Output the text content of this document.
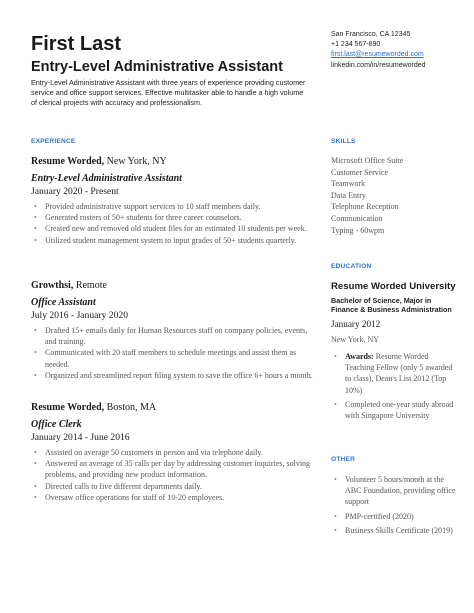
First Last
Entry-Level Administrative Assistant
Entry-Level Administrative Assistant with three years of experience providing customer service and office support services. Effective multitasker able to handle a high volume of clerical projects with accuracy and professionalism.
San Francisco, CA 12345
+1 234 567-890
first.last@resumeworded.com
linkedin.com/in/resumeworded
EXPERIENCE
Resume Worded, New York, NY
Entry-Level Administrative Assistant
January 2020 - Present
• Provided administrative support services to 10 staff members daily.
• Generated rosters of 50+ students for three career counselors.
• Created new and removed old student files for an estimated 10 students per week.
• Utilized student management system to input grades of 50+ students quarterly.
Growthsi, Remote
Office Assistant
July 2016 - January 2020
• Drafted 15+ emails daily for Human Resources staff on company policies, events, and training.
• Communicated with 20 staff members to schedule meetings and assist them as needed.
• Organized and streamlined report filing system to save the office 6+ hours a month.
Resume Worded, Boston, MA
Office Clerk
January 2014 - June 2016
• Assisted on average 50 customers in person and via telephone daily.
• Answered an average of 35 calls per day by addressing customer inquiries, solving problems, and providing new product information.
• Directed calls to five different departments daily.
• Oversaw office operations for staff of 10-20 employees.
SKILLS
Microsoft Office Suite
Customer Service
Teamwork
Data Entry
Telephone Reception
Communication
Typing - 60wpm
EDUCATION
Resume Worded University
Bachelor of Science, Major in Finance & Business Administration
January 2012
New York, NY
• Awards: Resume Worded Teaching Fellow (only 5 awarded to class), Dean's List 2012 (Top 10%)
• Completed one-year study abroad with Singapore University
OTHER
• Volunteer 5 hours/month at the ABC Foundation, providing office support
• PMP-certified (2020)
• Business Skills Certificate (2019)
